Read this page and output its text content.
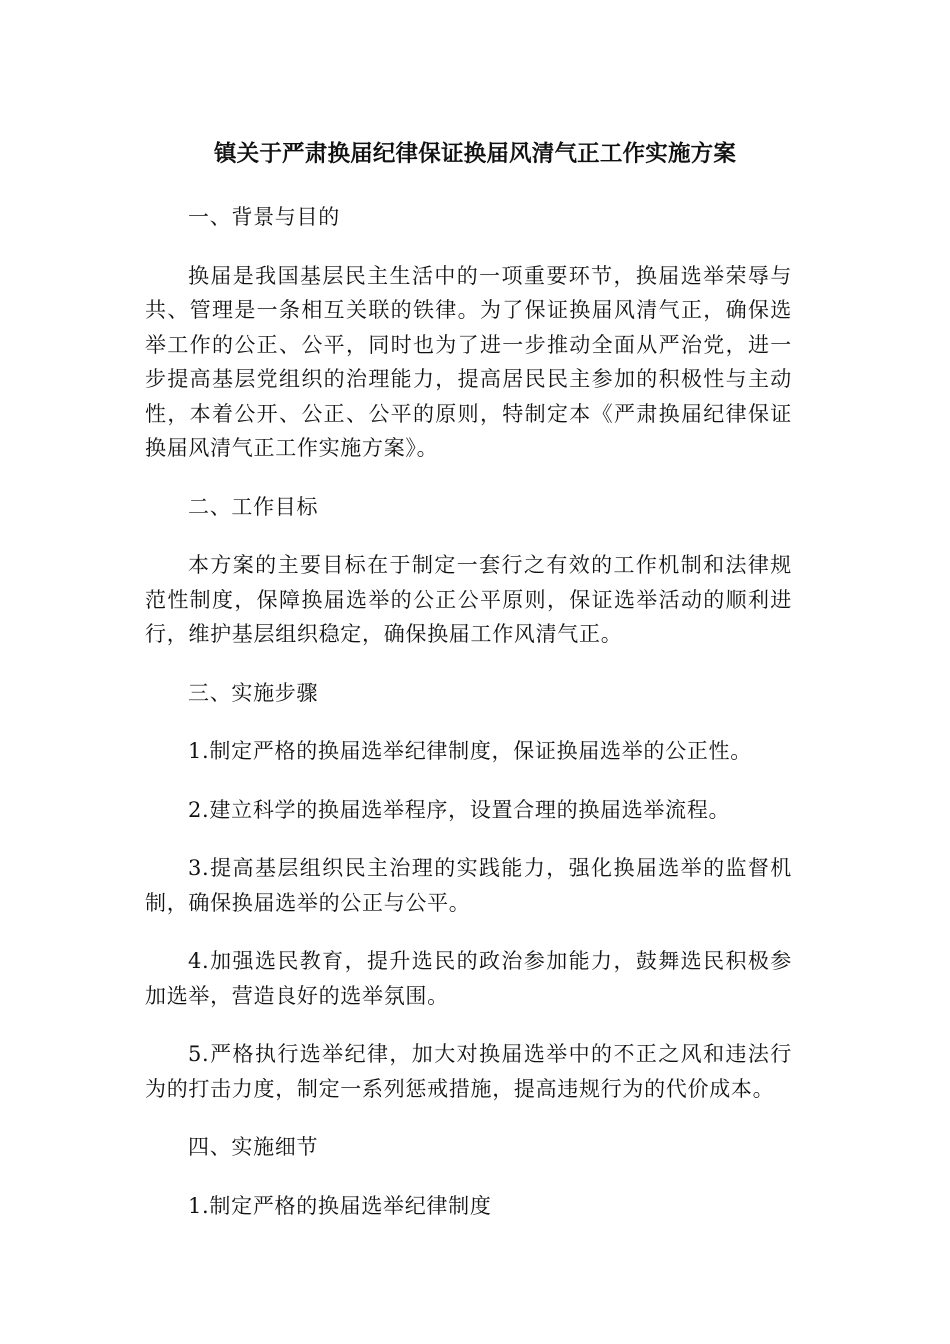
镇关于严肃换届纪律保证换届风清气正工作实施方案
一、背景与目的
换届是我国基层民主生活中的一项重要环节，换届选举荣辱与共、管理是一条相互关联的铁律。为了保证换届风清气正，确保选举工作的公正、公平，同时也为了进一步推动全面从严治党，进一步提高基层党组织的治理能力，提高居民民主参加的积极性与主动性，本着公开、公正、公平的原则，特制定本《严肃换届纪律保证换届风清气正工作实施方案》。
二、工作目标
本方案的主要目标在于制定一套行之有效的工作机制和法律规范性制度，保障换届选举的公正公平原则，保证选举活动的顺利进行，维护基层组织稳定，确保换届工作风清气正。
三、实施步骤
1.制定严格的换届选举纪律制度，保证换届选举的公正性。
2.建立科学的换届选举程序，设置合理的换届选举流程。
3.提高基层组织民主治理的实践能力，强化换届选举的监督机制，确保换届选举的公正与公平。
4.加强选民教育，提升选民的政治参加能力，鼓舞选民积极参加选举，营造良好的选举氛围。
5.严格执行选举纪律，加大对换届选举中的不正之风和违法行为的打击力度，制定一系列惩戒措施，提高违规行为的代价成本。
四、实施细节
1.制定严格的换届选举纪律制度
